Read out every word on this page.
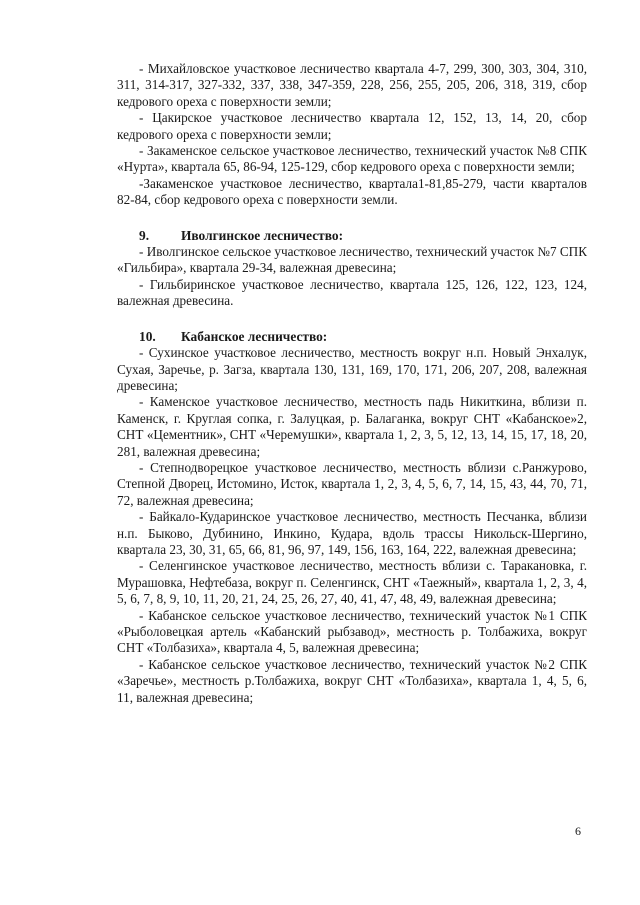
- Михайловское участковое лесничество квартала 4-7, 299, 300, 303, 304, 310, 311, 314-317, 327-332, 337, 338, 347-359, 228, 256, 255, 205, 206, 318, 319, сбор кедрового ореха с поверхности земли;

- Цакирское участковое лесничество квартала 12, 152, 13, 14, 20, сбор кедрового ореха с поверхности земли;

- Закаменское сельское участковое лесничество, технический участок №8 СПК «Нурта», квартала 65, 86-94, 125-129, сбор кедрового ореха с поверхности земли;

-Закаменское участковое лесничество, квартала1-81,85-279, части кварталов 82-84, сбор кедрового ореха с поверхности земли.

9. Иволгинское лесничество:

- Иволгинское сельское участковое лесничество, технический участок №7 СПК «Гильбира», квартала 29-34, валежная древесина;

- Гильбиринское участковое лесничество, квартала 125, 126, 122, 123, 124, валежная древесина.

10. Кабанское лесничество:

- Сухинское участковое лесничество, местность вокруг н.п. Новый Энхалук, Сухая, Заречье, р. Загза, квартала 130, 131, 169, 170, 171, 206, 207, 208, валежная древесина;

- Каменское участковое лесничество, местность падь Никиткина, вблизи п. Каменск, г. Круглая сопка, г. Залуцкая, р. Балаганка, вокруг СНТ «Кабанское»2, СНТ «Цементник», СНТ «Черемушки», квартала 1, 2, 3, 5, 12, 13, 14, 15, 17, 18, 20, 281, валежная древесина;

- Степнодворецкое участковое лесничество, местность вблизи с.Ранжурово, Степной Дворец, Истомино, Исток, квартала 1, 2, 3, 4, 5, 6, 7, 14, 15, 43, 44, 70, 71, 72, валежная древесина;

- Байкало-Кударинское участковое лесничество, местность Песчанка, вблизи н.п. Быково, Дубинино, Инкино, Кудара, вдоль трассы Никольск-Шергино, квартала 23, 30, 31, 65, 66, 81, 96, 97, 149, 156, 163, 164, 222, валежная древесина;

- Селенгинское участковое лесничество, местность вблизи с. Таракановка, г. Мурашовка, Нефтебаза, вокруг п. Селенгинск, СНТ «Таежный», квартала 1, 2, 3, 4, 5, 6, 7, 8, 9, 10, 11, 20, 21, 24, 25, 26, 27, 40, 41, 47, 48, 49, валежная древесина;

- Кабанское сельское участковое лесничество, технический участок №1 СПК «Рыболовецкая артель «Кабанский рыбзавод», местность р. Толбажиха, вокруг СНТ «Толбазиха», квартала 4, 5, валежная древесина;

- Кабанское сельское участковое лесничество, технический участок №2 СПК «Заречье», местность р.Толбажиха, вокруг СНТ «Толбазиха», квартала 1, 4, 5, 6, 11, валежная древесина;

6
